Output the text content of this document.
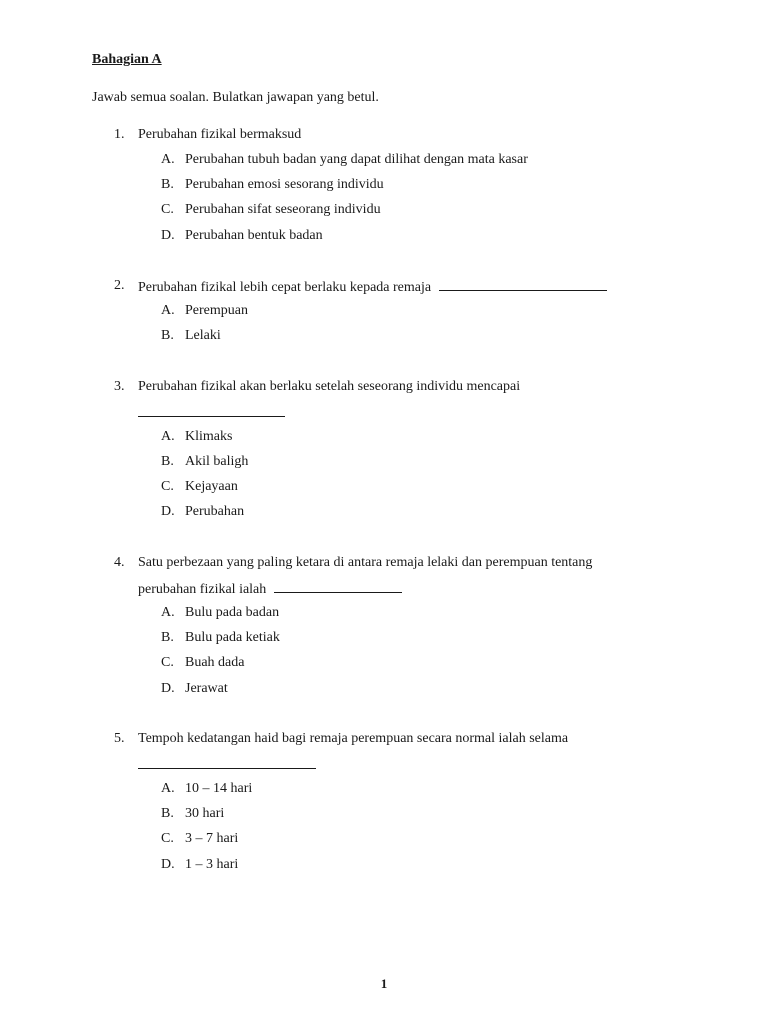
Bahagian A
Jawab semua soalan. Bulatkan jawapan yang betul.
1. Perubahan fizikal bermaksud
A. Perubahan tubuh badan yang dapat dilihat dengan mata kasar
B. Perubahan emosi sesorang individu
C. Perubahan sifat seseorang individu
D. Perubahan bentuk badan
2. Perubahan fizikal lebih cepat berlaku kepada remaja
A. Perempuan
B. Lelaki
3. Perubahan fizikal akan berlaku setelah seseorang individu mencapai
A. Klimaks
B. Akil baligh
C. Kejayaan
D. Perubahan
4. Satu perbezaan yang paling ketara di antara remaja lelaki dan perempuan tentang
perubahan fizikal ialah
A. Bulu pada badan
B. Bulu pada ketiak
C. Buah dada
D. Jerawat
5. Tempoh kedatangan haid bagi remaja perempuan secara normal ialah selama
A. 10 – 14 hari
B. 30 hari
C. 3 – 7 hari
D. 1 – 3 hari
1
